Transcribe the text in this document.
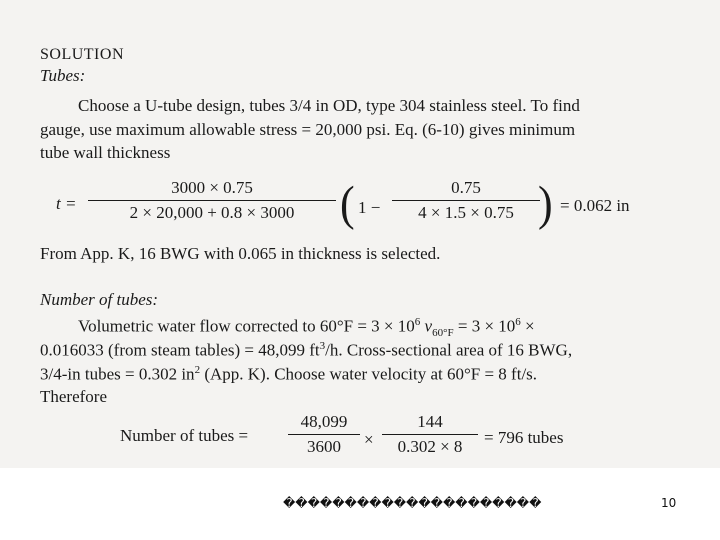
SOLUTION
Tubes:
Choose a U-tube design, tubes 3/4 in OD, type 304 stainless steel. To find
gauge, use maximum allowable stress = 20,000 psi. Eq. (6-10) gives minimum
tube wall thickness
t =
3000 × 0.75
2 × 20,000 + 0.8 × 3000	( 1 −
0.75
4 × 1.5 × 0.75 ) = 0.062 in
From App. K, 16 BWG with 0.065 in thickness is selected.
Number of tubes:
Volumetric water flow corrected to $60^\circ F = 3 \times 10^6$ $v_{60^\circ F} = 3 \times 10^6$ ×
0.016033 (from steam tables) = 48,099 $ft^3/h$. Cross-sectional area of 16 BWG,
3/4-in tubes = 0.302 $in^2$ (App. K). Choose water velocity at 60°F = 8 ft/s.
Therefore
Number of tubes =
48,099
3600	×
144
0.302 × 8	= 796 tubes
���������������������	10
